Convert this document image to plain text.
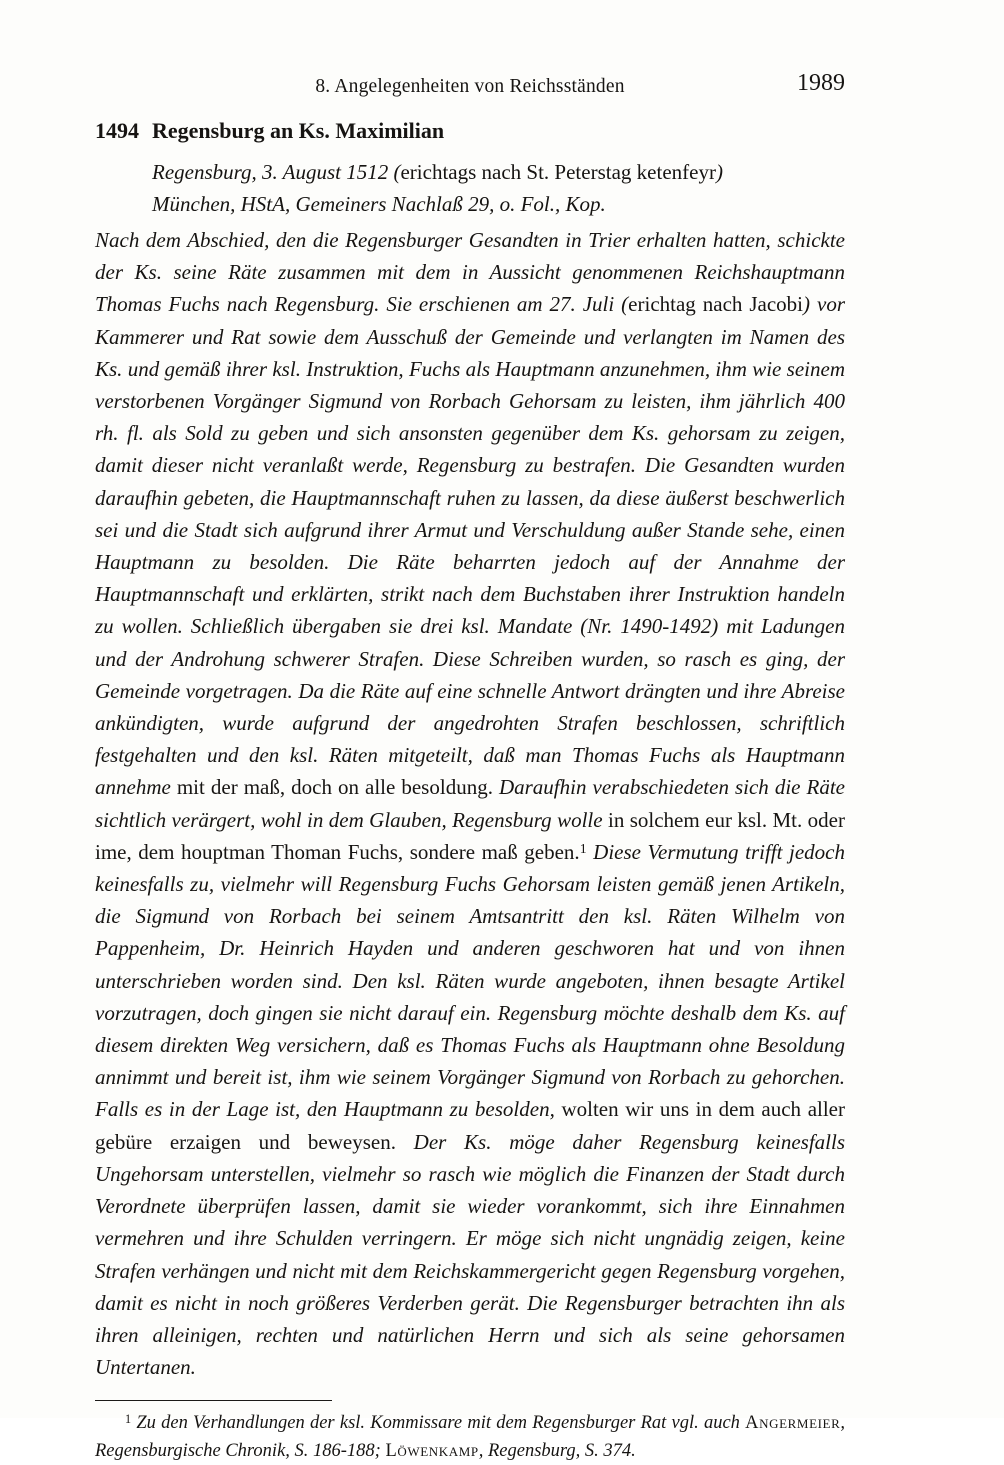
8. Angelegenheiten von Reichsständen	1989
1494 Regensburg an Ks. Maximilian

Regensburg, 3. August 1512 (erichtags nach St. Peterstag ketenfeyr)

München, HStA, Gemeiners Nachlaß 29, o. Fol., Kop.

Nach dem Abschied, den die Regensburger Gesandten in Trier erhalten hatten, schickte der Ks. seine Räte zusammen mit dem in Aussicht genommenen Reichshauptmann Thomas Fuchs nach Regensburg. Sie erschienen am 27. Juli (erichtag nach Jacobi) vor Kammerer und Rat sowie dem Ausschuß der Gemeinde und verlangten im Namen des Ks. und gemäß ihrer ksl. Instruktion, Fuchs als Hauptmann anzunehmen, ihm wie seinem verstorbenen Vorgänger Sigmund von Rorbach Gehorsam zu leisten, ihm jährlich 400 rh. fl. als Sold zu geben und sich ansonsten gegenüber dem Ks. gehorsam zu zeigen, damit dieser nicht veranlaßt werde, Regensburg zu bestrafen. Die Gesandten wurden daraufhin gebeten, die Hauptmannschaft ruhen zu lassen, da diese äußerst beschwerlich sei und die Stadt sich aufgrund ihrer Armut und Verschuldung außer Stande sehe, einen Hauptmann zu besolden. Die Räte beharrten jedoch auf der Annahme der Hauptmannschaft und erklärten, strikt nach dem Buchstaben ihrer Instruktion handeln zu wollen. Schließlich übergaben sie drei ksl. Mandate (Nr. 1490-1492) mit Ladungen und der Androhung schwerer Strafen. Diese Schreiben wurden, so rasch es ging, der Gemeinde vorgetragen. Da die Räte auf eine schnelle Antwort drängten und ihre Abreise ankündigten, wurde aufgrund der angedrohten Strafen beschlossen, schriftlich festgehalten und den ksl. Räten mitgeteilt, daß man Thomas Fuchs als Hauptmann annehme mit der maß, doch on alle besoldung. Daraufhin verabschiedeten sich die Räte sichtlich verärgert, wohl in dem Glauben, Regensburg wolle in solchem eur ksl. Mt. oder ime, dem houptman Thoman Fuchs, sondere maß geben.$^1$ Diese Vermutung trifft jedoch keinesfalls zu, vielmehr will Regensburg Fuchs Gehorsam leisten gemäß jenen Artikeln, die Sigmund von Rorbach bei seinem Amtsantritt den ksl. Räten Wilhelm von Pappenheim, Dr. Heinrich Hayden und anderen geschworen hat und von ihnen unterschrieben worden sind. Den ksl. Räten wurde angeboten, ihnen besagte Artikel vorzutragen, doch gingen sie nicht darauf ein. Regensburg möchte deshalb dem Ks. auf diesem direkten Weg versichern, daß es Thomas Fuchs als Hauptmann ohne Besoldung annimmt und bereit ist, ihm wie seinem Vorgänger Sigmund von Rorbach zu gehorchen. Falls es in der Lage ist, den Hauptmann zu besolden, wolten wir uns in dem auch aller gebüre erzaigen und beweysen. Der Ks. möge daher Regensburg keinesfalls Ungehorsam unterstellen, vielmehr so rasch wie möglich die Finanzen der Stadt durch Verordnete überprüfen lassen, damit sie wieder vorankommt, sich ihre Einnahmen vermehren und ihre Schulden verringern. Er möge sich nicht ungnädig zeigen, keine Strafen verhängen und nicht mit dem Reichskammergericht gegen Regensburg vorgehen, damit es nicht in noch größeres Verderben gerät. Die Regensburger betrachten ihn als ihren alleinigen, rechten und natürlichen Herrn und sich als seine gehorsamen Untertanen.
$^1$ Zu den Verhandlungen der ksl. Kommissare mit dem Regensburger Rat vgl. auch Angermeier, Regensburgische Chronik, S. 186-188; Löwenkamp, Regensburg, S. 374.
